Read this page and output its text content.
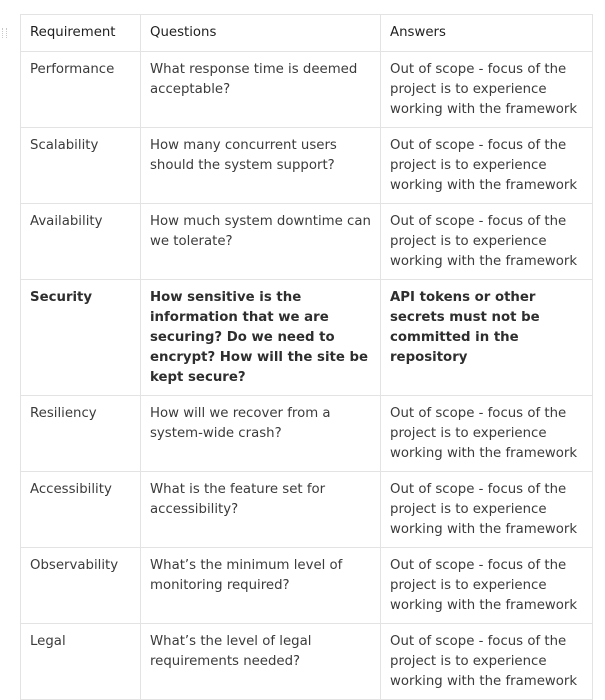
Requirement	Questions	Answers
Performance	What response time is deemed acceptable?	Out of scope - focus of the project is to experience working with the framework
Scalability	How many concurrent users should the system support?	Out of scope - focus of the project is to experience working with the framework
Availability	How much system downtime can we tolerate?	Out of scope - focus of the project is to experience working with the framework
Security	How sensitive is the information that we are securing? Do we need to encrypt? How will the site be kept secure?	API tokens or other secrets must not be committed in the repository
Resiliency	How will we recover from a system-wide crash?	Out of scope - focus of the project is to experience working with the framework
Accessibility	What is the feature set for accessibility?	Out of scope - focus of the project is to experience working with the framework
Observability	What’s the minimum level of monitoring required?	Out of scope - focus of the project is to experience working with the framework
Legal	What’s the level of legal requirements needed?	Out of scope - focus of the project is to experience working with the framework
